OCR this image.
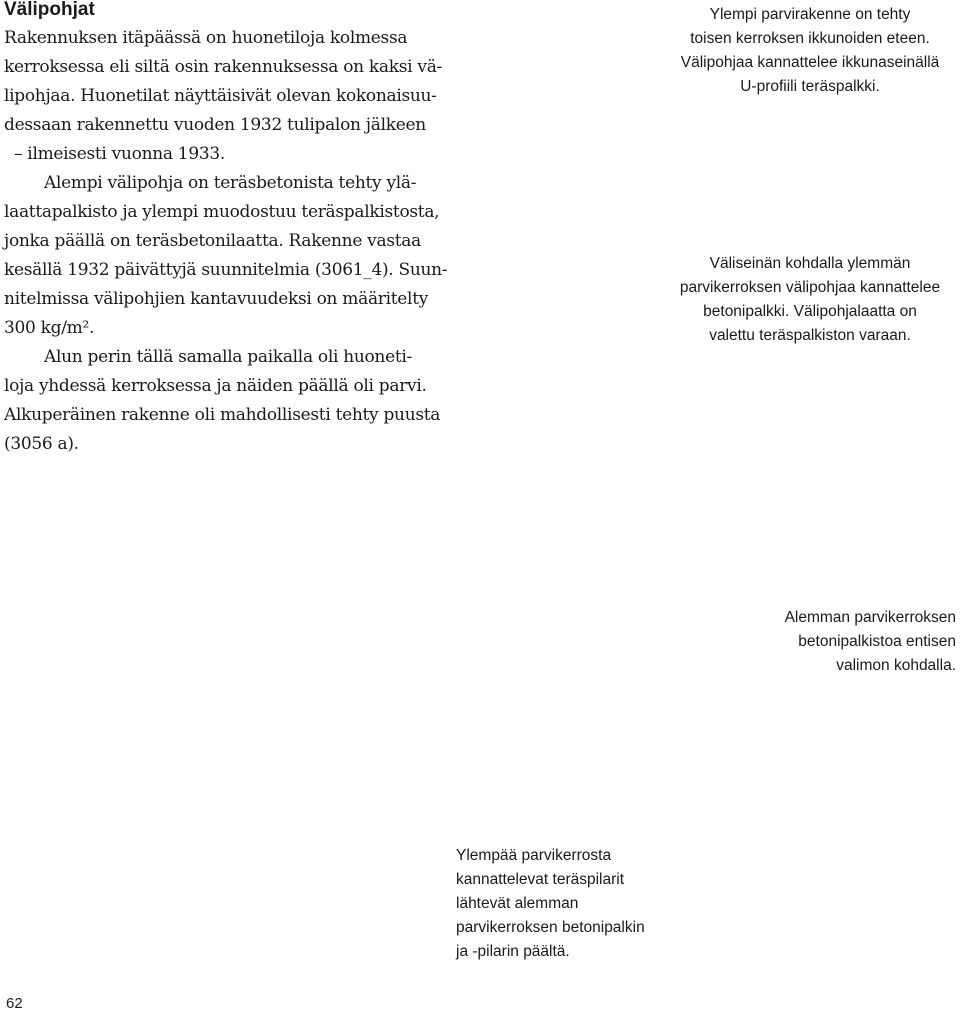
Välipohjat

Rakennuksen itäpäässä on huonetiloja kolmessa

kerroksessa eli siltä osin rakennuksessa on kaksi vä-

lipohjaa. Huonetilat näyttäisivät olevan kokonaisuu-

dessaan rakennettu vuoden 1932 tulipalon jälkeen

– ilmeisesti vuonna 1933.

Alempi välipohja on teräsbetonista tehty ylä-

laattapalkisto ja ylempi muodostuu teräspalkistosta,

jonka päällä on teräsbetonilaatta. Rakenne vastaa

kesällä 1932 päivättyjä suunnitelmia (3061_4). Suun-

nitelmissa välipohjien kantavuudeksi on määritelty

300 kg/m².

Alun perin tällä samalla paikalla oli huoneti-

loja yhdessä kerroksessa ja näiden päällä oli parvi.

Alkuperäinen rakenne oli mahdollisesti tehty puusta

(3056 a).

Ylempi parvirakenne on tehty

toisen kerroksen ikkunoiden eteen.

Välipohjaa kannattelee ikkunaseinällä

U-profiili teräspalkki.

Väliseinän kohdalla ylemmän

parvikerroksen välipohjaa kannattelee

betonipalkki. Välipohjalaatta on

valettu teräspalkiston varaan.

Alemman parvikerroksen

betonipalkistoa entisen

valimon kohdalla.

Ylempää parvikerrosta

kannattelevat teräspilarit

lähtevät alemman

parvikerroksen betonipalkin

ja -pilarin päältä.

62
